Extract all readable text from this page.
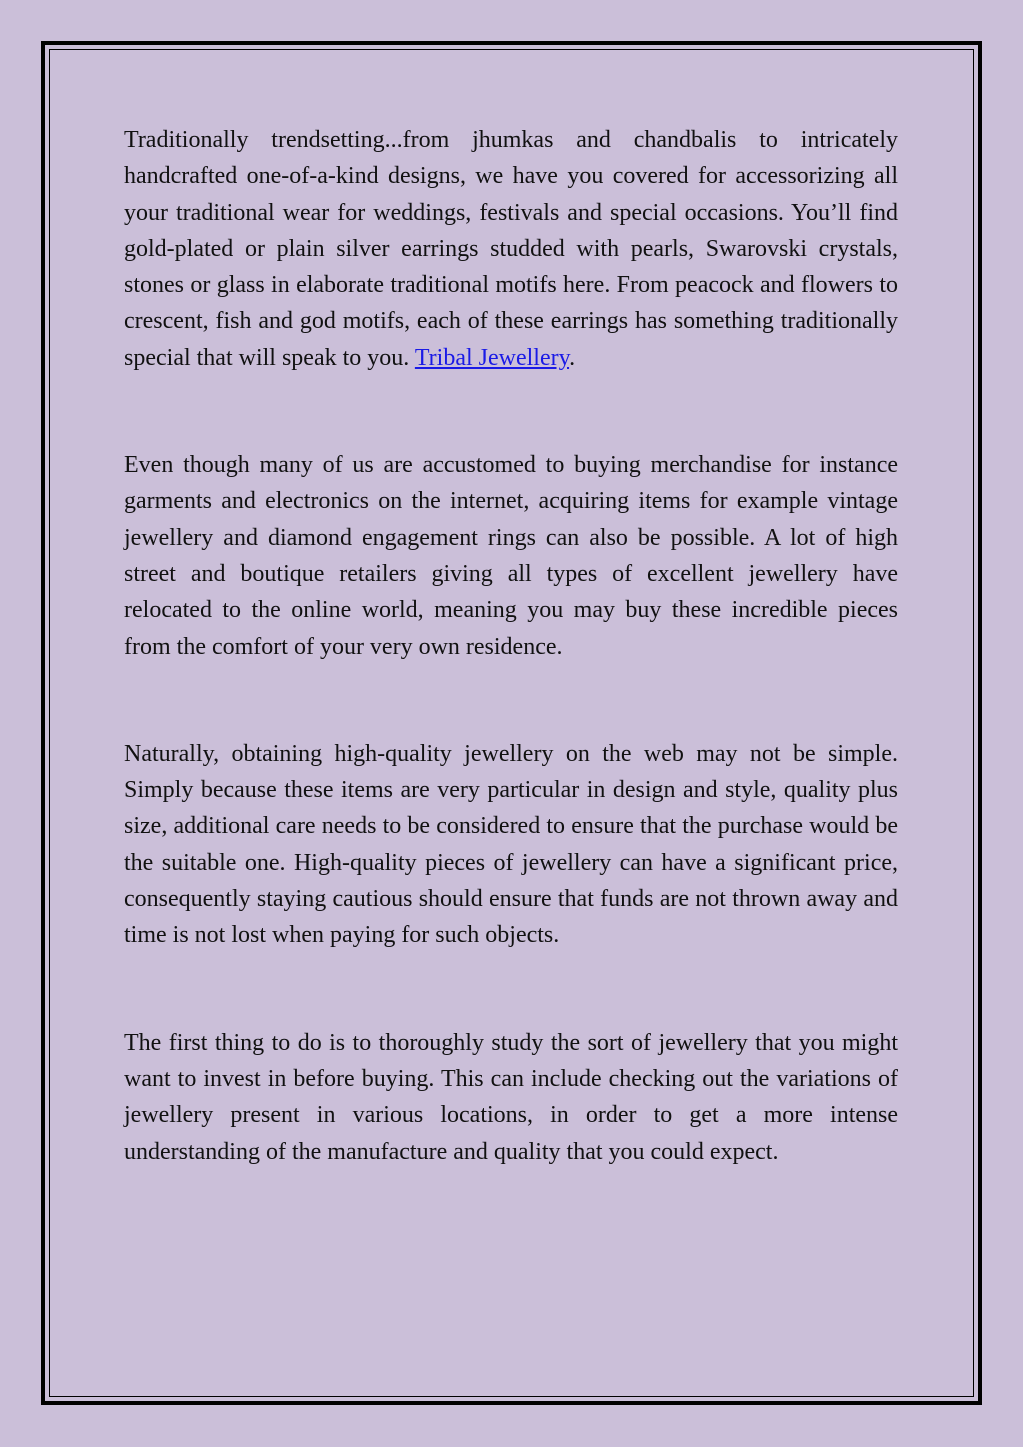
Traditionally trendsetting...from jhumkas and chandbalis to intricately handcrafted one-of-a-kind designs, we have you covered for accessorizing all your traditional wear for weddings, festivals and special occasions. You’ll find gold-plated or plain silver earrings studded with pearls, Swarovski crystals, stones or glass in elaborate traditional motifs here. From peacock and flowers to crescent, fish and god motifs, each of these earrings has something traditionally special that will speak to you. Tribal Jewellery.

Even though many of us are accustomed to buying merchandise for instance garments and electronics on the internet, acquiring items for example vintage jewellery and diamond engagement rings can also be possible. A lot of high street and boutique retailers giving all types of excellent jewellery have relocated to the online world, meaning you may buy these incredible pieces from the comfort of your very own residence.

Naturally, obtaining high-quality jewellery on the web may not be simple. Simply because these items are very particular in design and style, quality plus size, additional care needs to be considered to ensure that the purchase would be the suitable one. High-quality pieces of jewellery can have a significant price, consequently staying cautious should ensure that funds are not thrown away and time is not lost when paying for such objects.

The first thing to do is to thoroughly study the sort of jewellery that you might want to invest in before buying. This can include checking out the variations of jewellery present in various locations, in order to get a more intense understanding of the manufacture and quality that you could expect.
